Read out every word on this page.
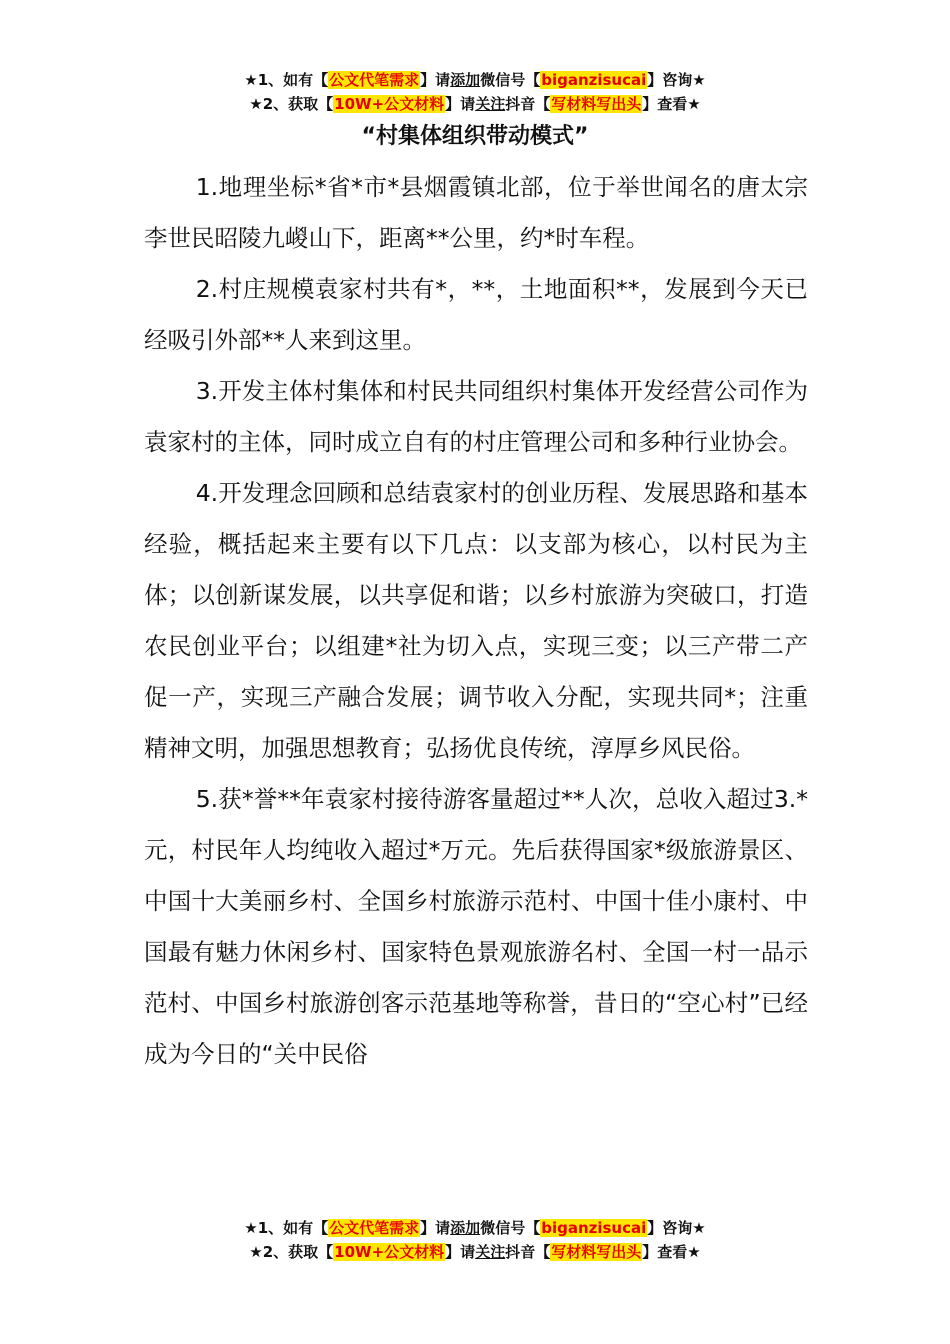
★1、如有【公文代笔需求】请添加微信号【biganzisucai】咨询★
★2、获取【10W+公文材料】请关注抖音【写材料写出头】查看★
“村集体组织带动模式”

1.地理坐标*省*市*县烟霞镇北部，位于举世闻名的唐太宗李世民昭陵九嵕山下，距离**公里，约*时车程。

2.村庄规模袁家村共有*，**，土地面积**，发展到今天已经吸引外部**人来到这里。

3.开发主体村集体和村民共同组织村集体开发经营公司作为袁家村的主体，同时成立自有的村庄管理公司和多种行业协会。

4.开发理念回顾和总结袁家村的创业历程、发展思路和基本经验，概括起来主要有以下几点：以支部为核心，以村民为主体；以创新谋发展，以共享促和谐；以乡村旅游为突破口，打造农民创业平台；以组建*社为切入点，实现三变；以三产带二产促一产，实现三产融合发展；调节收入分配，实现共同*；注重精神文明，加强思想教育；弘扬优良传统，淳厚乡风民俗。

5.获*誉**年袁家村接待游客量超过**人次，总收入超过3.*元，村民年人均纯收入超过*万元。先后获得国家*级旅游景区、中国十大美丽乡村、全国乡村旅游示范村、中国十佳小康村、中国最有魅力休闲乡村、国家特色景观旅游名村、全国一村一品示范村、中国乡村旅游创客示范基地等称誉，昔日的“空心村”已经成为今日的“关中民俗

★1、如有【公文代笔需求】请添加微信号【biganzisucai】咨询★
★2、获取【10W+公文材料】请关注抖音【写材料写出头】查看★
